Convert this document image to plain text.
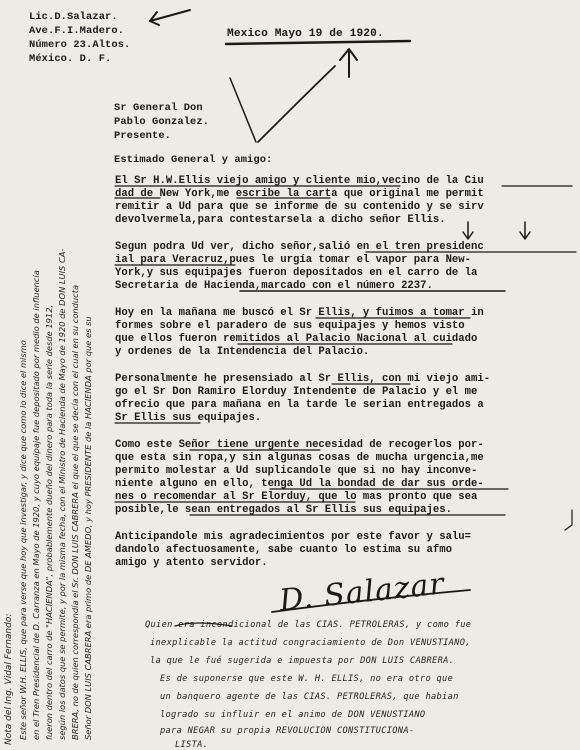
Lic.D.Salazar.
Ave.F.I.Madero.
Número 23.Altos.
México. D. F.
Mexico Mayo 19 de 1920.
Sr General Don
Pablo Gonzalez.
Presente.
Estimado General y amigo:
El Sr H.W.Ellis viejo amigo y cliente mio,vecino de la Ciu
dad de New York,me escribe la carta que original me permit
remitir a Ud para que se informe de su contenido y se sirv
devolvermela,para contestarsela a dicho señor Ellis.
Segun podra Ud ver, dicho señor,salió en el tren presidenc
ial para Veracruz,pues le urgía tomar el vapor para New-
York,y sus equipajes fueron depositados en el carro de la
Secretaria de Hacienda,marcado con el número 2237.
Hoy en la mañana me buscó el Sr Ellis, y fuimos a tomar in
formes sobre el paradero de sus equipajes y hemos visto
que ellos fueron remitidos al Palacio Nacional al cuidado
y ordenes de la Intendencia del Palacio.
Personalmente he presensiado al Sr Ellis, con mi viejo ami-
go el Sr Don Ramiro Elorduy Intendente de Palacio y el me
ofrecio que para mañana en la tarde le serian entregados a
Sr Ellis sus equipajes.
Como este Señor tiene urgente necesidad de recogerlos por-
que esta sin ropa,y sin algunas cosas de mucha urgencia,me
permito molestar a Ud suplicandole que si no hay inconve-
niente alguno en ello, tenga Ud la bondad de dar sus orde-
nes o recomendar al Sr Elorduy, que lo mas pronto que sea
posible,le sean entregados al Sr Ellis sus equipajes.
Anticipandole mis agradecimientos por este favor y salu=
dandolo afectuosamente, sabe cuanto lo estima su afmo
amigo y atento servidor.
D. Salazar
Quien era incondicional de las CIAS. PETROLERAS, y como fue
inexplicable la actitud congraciamiento de Don VENUSTIANO,
la que le fué sugerida e impuesta por DON LUIS CABRERA.
Es de suponerse que este W. H. ELLIS, no era otro que
un banquero agente de las CIAS. PETROLERAS, que habian
logrado su influir en el animo de DON VENUSTIANO
para NEGAR su propia REVOLUCION CONSTITUCIONA-
LISTA.
Nota del Ing. Vidal Fernando: Este señor W.H. ELLIS, que para verse que hoy que investigar, y dice que como lo dice el mismo en el Tren Presidencial de D. Carranza en Mayo de 1920, y cuyo equipaje fue depositado por medio de influencia fueron dentro del carro de "HACIENDA", probablemente dueño del dinero para toda la serie desde 1912, según los datos que se permite, y por la misma fecha, con el Ministro de Hacienda de Mayo de 1920 de DON LUIS CA- BRERA, no de quien correspondía el Sr. DON LUIS CABRERA el que el que se decía con el cual en su conducta Señor DON LUIS CABRERA era primo de DE AMEDO, y hoy PRESIDENTE de la HACIENDA por que es su
